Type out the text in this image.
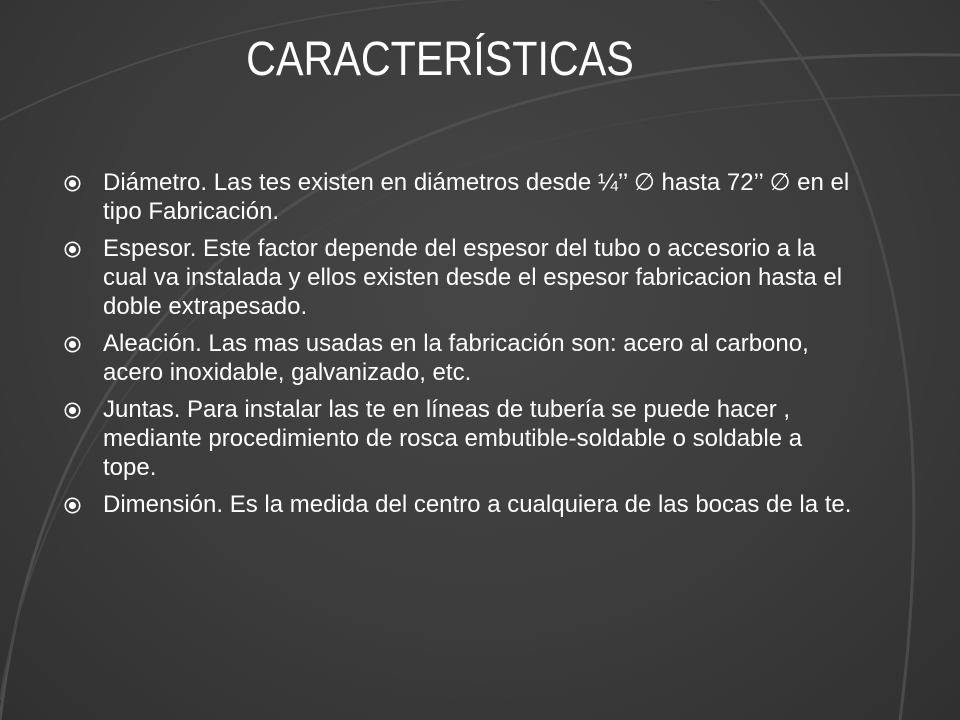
CARACTERÍSTICAS
Diámetro. Las tes existen en diámetros desde ¼’’ ∅ hasta 72’’ ∅ en el tipo Fabricación.
Espesor. Este factor depende del espesor del tubo o accesorio a la cual va instalada y ellos existen desde el espesor fabricacion hasta el doble extrapesado.
Aleación. Las mas usadas en la fabricación son: acero al carbono, acero inoxidable, galvanizado, etc.
Juntas. Para instalar las te en líneas de tubería se puede hacer , mediante procedimiento de rosca embutible-soldable o soldable a tope.
Dimensión. Es la medida del centro a cualquiera de las bocas de la te.
